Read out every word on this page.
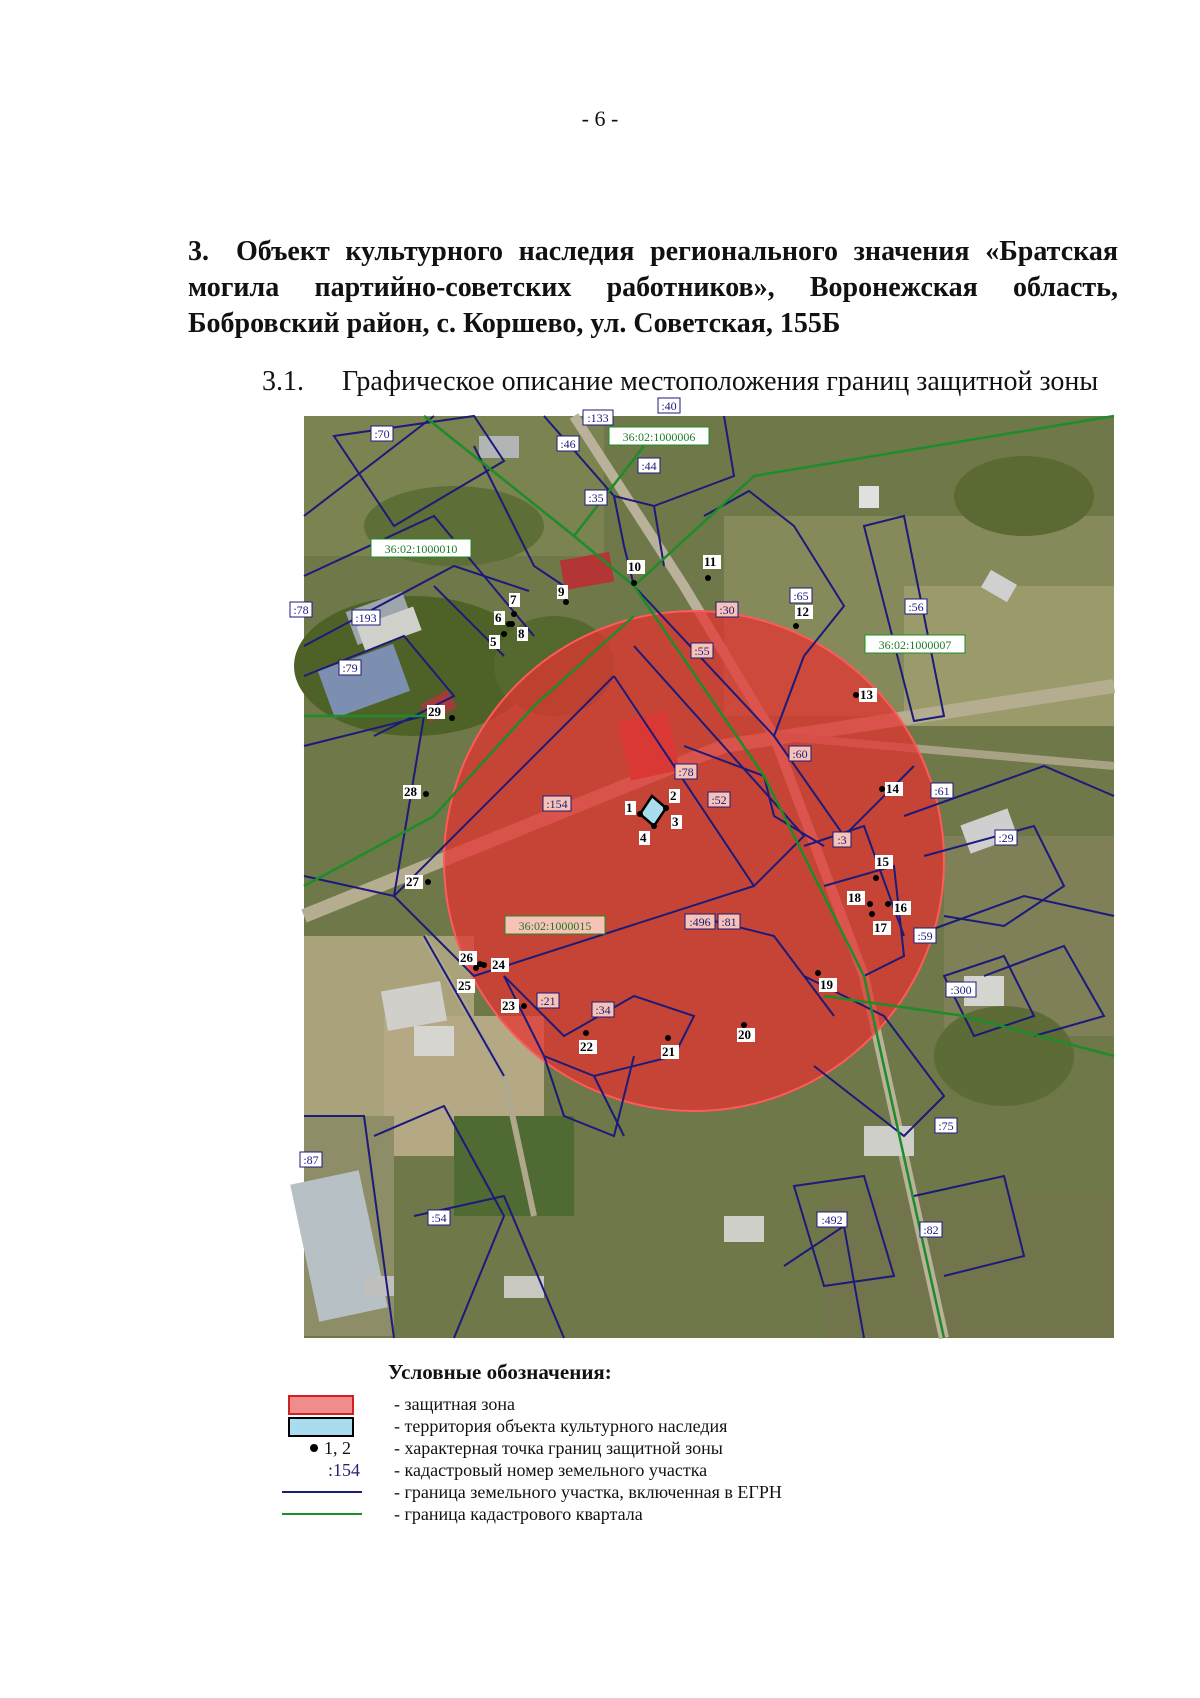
- 6 -
3. Объект культурного наследия регионального значения «Братская могила партийно-советских работников», Воронежская область, Бобровский район, с. Коршево, ул. Советская, 155Б
3.1. Графическое описание местоположения границ защитной зоны
36:02:1000006
36:02:1000010
36:02:1000007
36:02:1000015
:70
:133
:40
:46
:44
:35
:78
:193
:79
:30
:65
:56
:55
:60
:61
:29
:78
:154	:52
:3
:496 :81
:59
:300
:21
:34
:75
:87
:54	:492
:82
1
2
3
4
5
6
7
8
9
10	11
12
13
14
15
16
17
18
19
20
21
22
23
24
25
26
27
28
29
Условные обозначения:
- защитная зона
- территория объекта культурного наследия
1, 2 - характерная точка границ защитной зоны
:154 - кадастровый номер земельного участка
- граница земельного участка, включенная в ЕГРН
- граница кадастрового квартала
